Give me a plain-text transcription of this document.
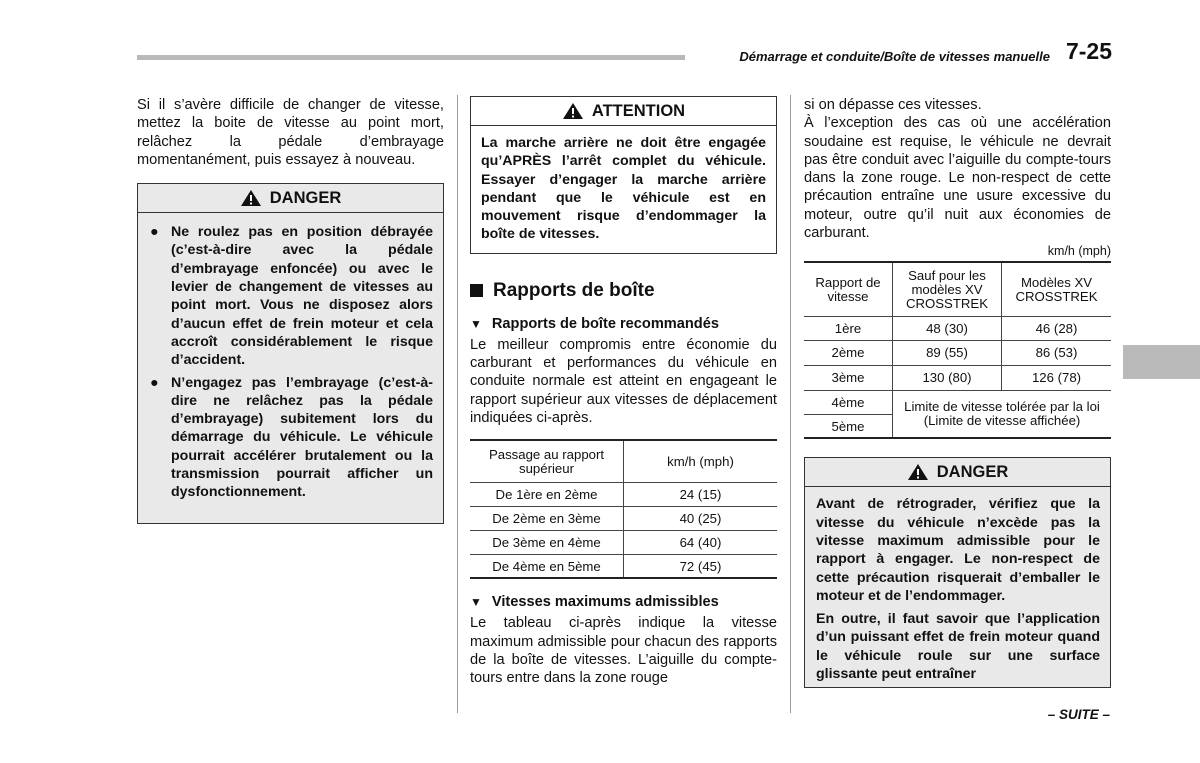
Démarrage et conduite/Boîte de vitesses manuelle 7-25

Si il s’avère difficile de changer de vitesse, mettez la boite de vitesse au point mort, relâchez la pédale d’embrayage momentanément, puis essayez à nouveau.

DANGER
● Ne roulez pas en position débrayée (c’est-à-dire avec la pédale d’embrayage enfoncée) ou avec le levier de changement de vitesses au point mort. Vous ne disposez alors d’aucun effet de frein moteur et cela accroît considérablement le risque d’accident.
● N’engagez pas l’embrayage (c’est-à-dire ne relâchez pas la pédale d’embrayage) subitement lors du démarrage du véhicule. Le véhicule pourrait accélérer brutalement ou la transmission pourrait afficher un dysfonctionnement.
ATTENTION
La marche arrière ne doit être engagée qu’APRÈS l’arrêt complet du véhicule. Essayer d’engager la marche arrière pendant que le véhicule est en mouvement risque d’endommager la boîte de vitesses.
Rapports de boîte
▼ Rapports de boîte recommandés

Le meilleur compromis entre économie du carburant et performances du véhicule en conduite normale est atteint en engageant le rapport supérieur aux vitesses de déplacement indiquées ci-après.

Passage au rapport supérieur	km/h (mph)
De 1ère en 2ème	24 (15)
De 2ème en 3ème	40 (25)
De 3ème en 4ème	64 (40)
De 4ème en 5ème	72 (45)
▼ Vitesses maximums admissibles

Le tableau ci-après indique la vitesse maximum admissible pour chacun des rapports de la boîte de vitesses. L’aiguille du compte-tours entre dans la zone rouge

si on dépasse ces vitesses.

À l’exception des cas où une accélération soudaine est requise, le véhicule ne devrait pas être conduit avec l’aiguille du compte-tours dans la zone rouge. Le non-respect de cette précaution entraîne une usure excessive du moteur, outre qu’il nuit aux économies de carburant.

km/h (mph)
Rapport de vitesse	Sauf pour les modèles XV CROSSTREK	Modèles XV CROSSTREK
1ère	48 (30)	46 (28)
2ème	89 (55)	86 (53)
3ème	130 (80)	126 (78)
4ème	Limite de vitesse tolérée par la loi (Limite de vitesse affichée)	
5ème		
DANGER
Avant de rétrograder, vérifiez que la vitesse du véhicule n’excède pas la vitesse maximum admissible pour le rapport à engager. Le non-respect de cette précaution risquerait d’emballer le moteur et de l’endommager.
En outre, il faut savoir que l’application d’un puissant effet de frein moteur quand le véhicule roule sur une surface glissante peut entraîner
– SUITE –
